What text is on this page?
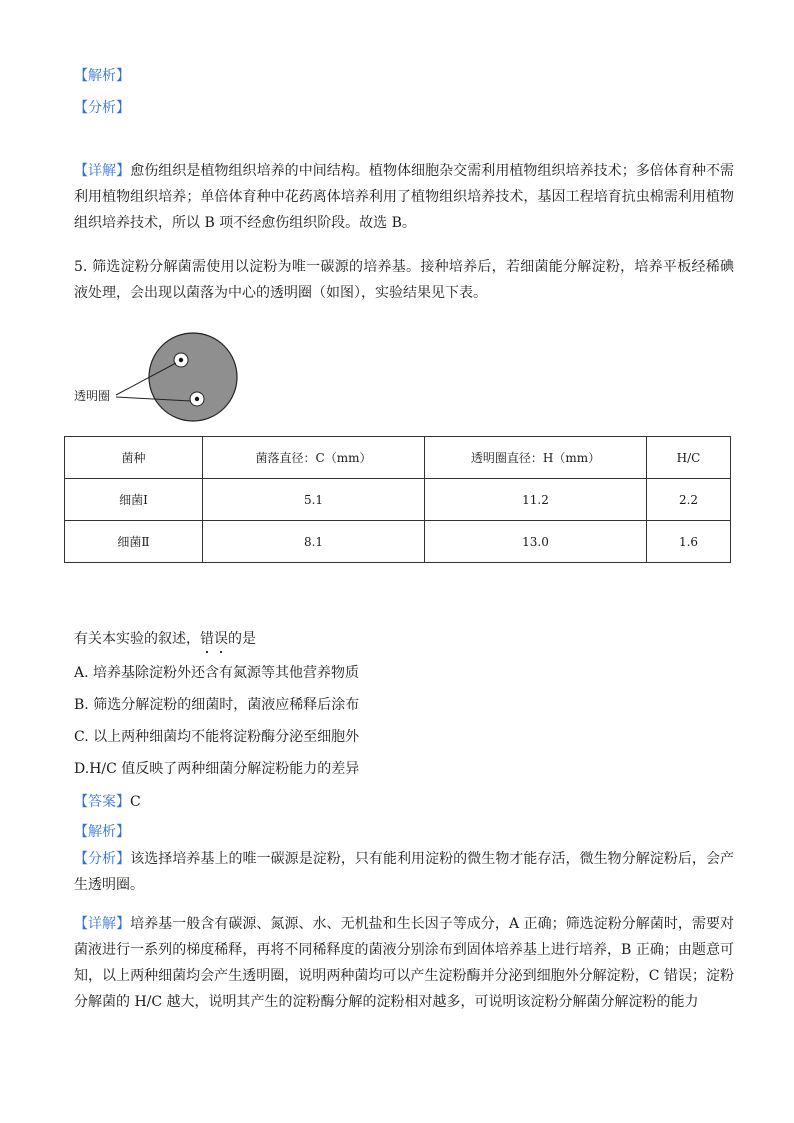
【解析】
【分析】
【详解】愈伤组织是植物组织培养的中间结构。植物体细胞杂交需利用植物组织培养技术；多倍体育种不需利用植物组织培养；单倍体育种中花药离体培养利用了植物组织培养技术，基因工程培育抗虫棉需利用植物组织培养技术，所以 B 项不经愈伤组织阶段。故选 B。
5. 筛选淀粉分解菌需使用以淀粉为唯一碳源的培养基。接种培养后，若细菌能分解淀粉，培养平板经稀碘液处理，会出现以菌落为中心的透明圈（如图），实验结果见下表。
透明圈
菌种	菌落直径：C（mm）	透明圈直径：H（mm）	H/C
细菌Ⅰ	5.1	11.2	2.2
细菌Ⅱ	8.1	13.0	1.6
有关本实验的叙述，错误的是
A. 培养基除淀粉外还含有氮源等其他营养物质
B. 筛选分解淀粉的细菌时，菌液应稀释后涂布
C. 以上两种细菌均不能将淀粉酶分泌至细胞外
D.H/C 值反映了两种细菌分解淀粉能力的差异
【答案】C
【解析】
【分析】该选择培养基上的唯一碳源是淀粉，只有能利用淀粉的微生物才能存活，微生物分解淀粉后，会产生透明圈。
【详解】培养基一般含有碳源、氮源、水、无机盐和生长因子等成分，A 正确；筛选淀粉分解菌时，需要对菌液进行一系列的梯度稀释，再将不同稀释度的菌液分别涂布到固体培养基上进行培养，B 正确；由题意可知，以上两种细菌均会产生透明圈，说明两种菌均可以产生淀粉酶并分泌到细胞外分解淀粉，C 错误；淀粉分解菌的 H/C 越大，说明其产生的淀粉酶分解的淀粉相对越多，可说明该淀粉分解菌分解淀粉的能力
